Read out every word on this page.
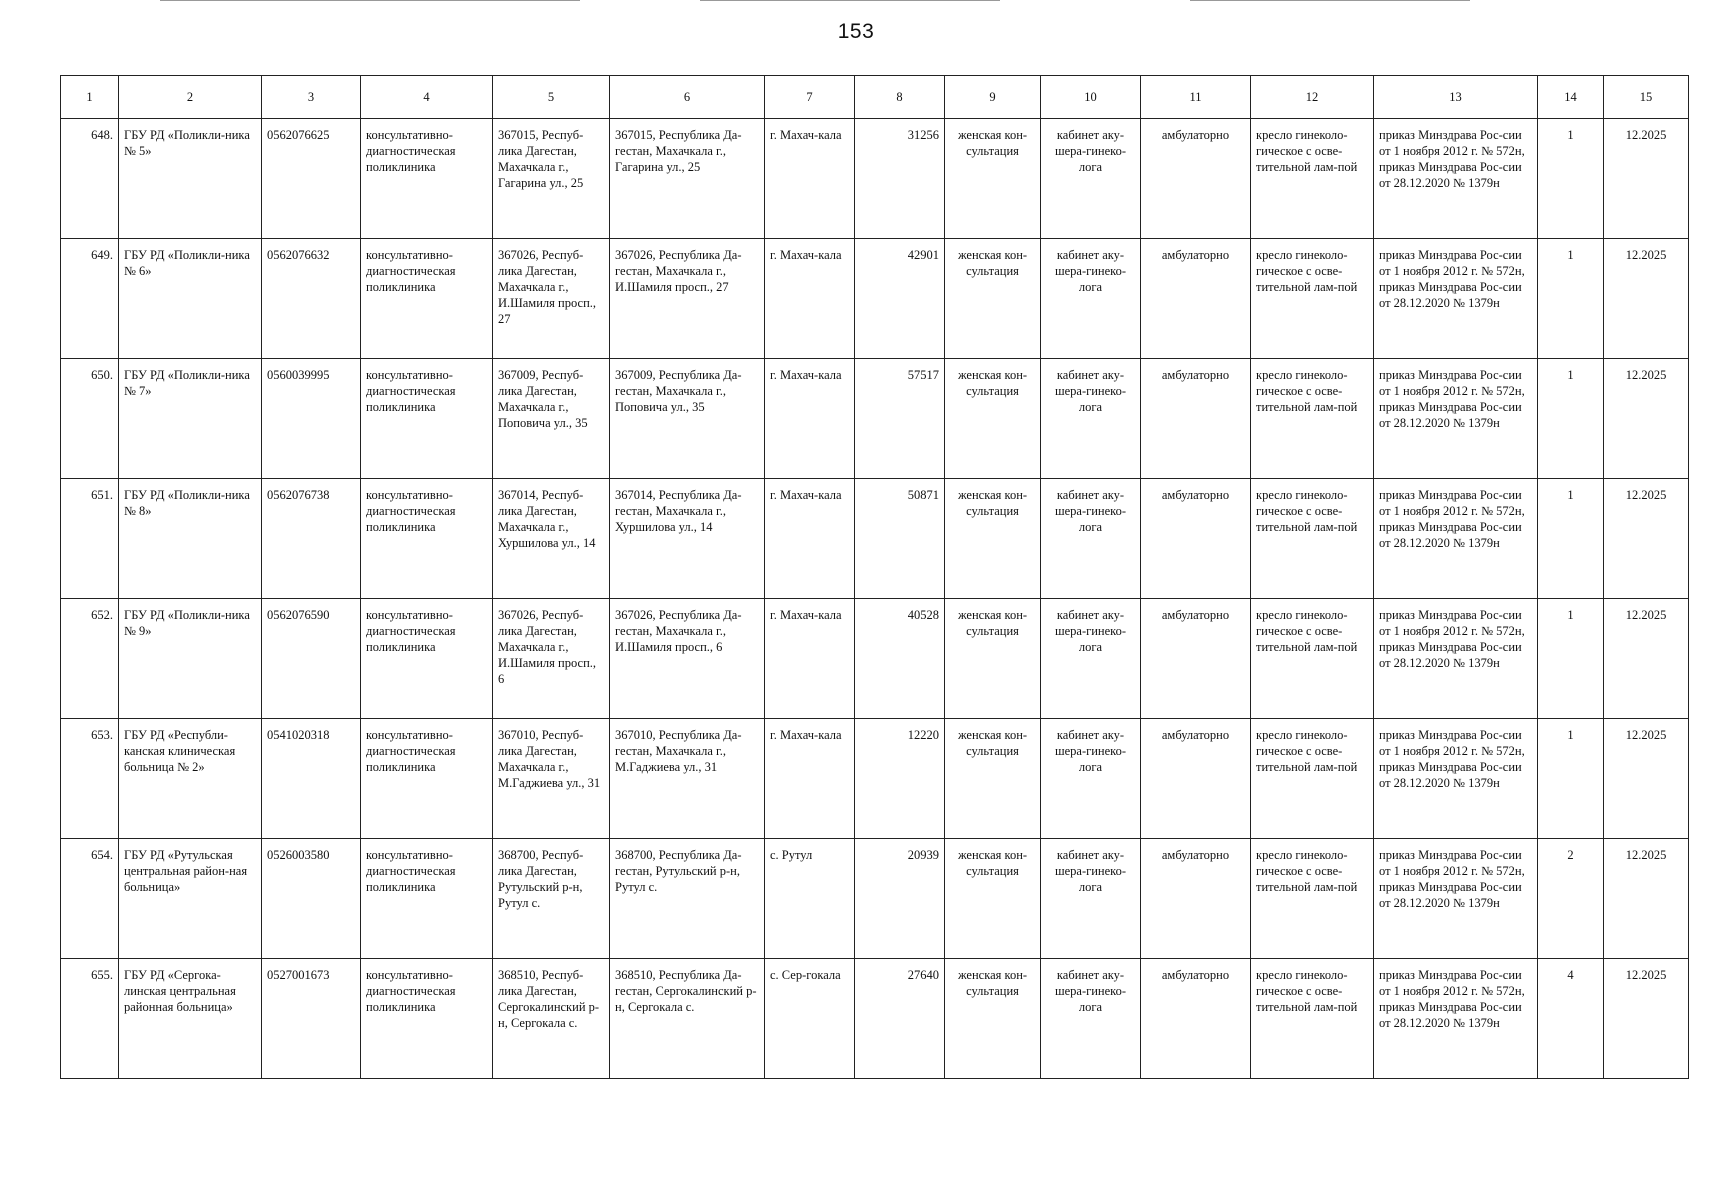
153
1	2	3	4	5	6	7	8	9	10	11	12	13	14	15
648.	ГБУ РД «Поликли-ника № 5»	0562076625	консультативно-диагностическая поликлиника	367015, Респуб-лика Дагестан, Махачкала г., Гагарина ул., 25	367015, Республика Да-гестан, Махачкала г., Гагарина ул., 25	г. Махач-кала	31256	женская кон-сультация	кабинет аку-шера-гинеко-лога	амбулаторно	кресло гинеколо-гическое с осве-тительной лам-пой	приказ Минздрава Рос-сии от 1 ноября 2012 г. № 572н, приказ Минздрава Рос-сии от 28.12.2020 № 1379н	1	12.2025
649.	ГБУ РД «Поликли-ника № 6»	0562076632	консультативно-диагностическая поликлиника	367026, Респуб-лика Дагестан, Махачкала г., И.Шамиля просп., 27	367026, Республика Да-гестан, Махачкала г., И.Шамиля просп., 27	г. Махач-кала	42901	женская кон-сультация	кабинет аку-шера-гинеко-лога	амбулаторно	кресло гинеколо-гическое с осве-тительной лам-пой	приказ Минздрава Рос-сии от 1 ноября 2012 г. № 572н, приказ Минздрава Рос-сии от 28.12.2020 № 1379н	1	12.2025
650.	ГБУ РД «Поликли-ника № 7»	0560039995	консультативно-диагностическая поликлиника	367009, Респуб-лика Дагестан, Махачкала г., Поповича ул., 35	367009, Республика Да-гестан, Махачкала г., Поповича ул., 35	г. Махач-кала	57517	женская кон-сультация	кабинет аку-шера-гинеко-лога	амбулаторно	кресло гинеколо-гическое с осве-тительной лам-пой	приказ Минздрава Рос-сии от 1 ноября 2012 г. № 572н, приказ Минздрава Рос-сии от 28.12.2020 № 1379н	1	12.2025
651.	ГБУ РД «Поликли-ника № 8»	0562076738	консультативно-диагностическая поликлиника	367014, Респуб-лика Дагестан, Махачкала г., Хуршилова ул., 14	367014, Республика Да-гестан, Махачкала г., Хуршилова ул., 14	г. Махач-кала	50871	женская кон-сультация	кабинет аку-шера-гинеко-лога	амбулаторно	кресло гинеколо-гическое с осве-тительной лам-пой	приказ Минздрава Рос-сии от 1 ноября 2012 г. № 572н, приказ Минздрава Рос-сии от 28.12.2020 № 1379н	1	12.2025
652.	ГБУ РД «Поликли-ника № 9»	0562076590	консультативно-диагностическая поликлиника	367026, Респуб-лика Дагестан, Махачкала г., И.Шамиля просп., 6	367026, Республика Да-гестан, Махачкала г., И.Шамиля просп., 6	г. Махач-кала	40528	женская кон-сультация	кабинет аку-шера-гинеко-лога	амбулаторно	кресло гинеколо-гическое с осве-тительной лам-пой	приказ Минздрава Рос-сии от 1 ноября 2012 г. № 572н, приказ Минздрава Рос-сии от 28.12.2020 № 1379н	1	12.2025
653.	ГБУ РД «Республи-канская клиническая больница № 2»	0541020318	консультативно-диагностическая поликлиника	367010, Респуб-лика Дагестан, Махачкала г., М.Гаджиева ул., 31	367010, Республика Да-гестан, Махачкала г., М.Гаджиева ул., 31	г. Махач-кала	12220	женская кон-сультация	кабинет аку-шера-гинеко-лога	амбулаторно	кресло гинеколо-гическое с осве-тительной лам-пой	приказ Минздрава Рос-сии от 1 ноября 2012 г. № 572н, приказ Минздрава Рос-сии от 28.12.2020 № 1379н	1	12.2025
654.	ГБУ РД «Рутульская центральная район-ная больница»	0526003580	консультативно-диагностическая поликлиника	368700, Респуб-лика Дагестан, Рутульский р-н, Рутул с.	368700, Республика Да-гестан, Рутульский р-н, Рутул с.	с. Рутул	20939	женская кон-сультация	кабинет аку-шера-гинеко-лога	амбулаторно	кресло гинеколо-гическое с осве-тительной лам-пой	приказ Минздрава Рос-сии от 1 ноября 2012 г. № 572н, приказ Минздрава Рос-сии от 28.12.2020 № 1379н	2	12.2025
655.	ГБУ РД «Сергока-линская центральная районная больница»	0527001673	консультативно-диагностическая поликлиника	368510, Респуб-лика Дагестан, Сергокалинский р-н, Сергокала с.	368510, Республика Да-гестан, Сергокалинский р-н, Сергокала с.	с. Сер-гокала	27640	женская кон-сультация	кабинет аку-шера-гинеко-лога	амбулаторно	кресло гинеколо-гическое с осве-тительной лам-пой	приказ Минздрава Рос-сии от 1 ноября 2012 г. № 572н, приказ Минздрава Рос-сии от 28.12.2020 № 1379н	4	12.2025
